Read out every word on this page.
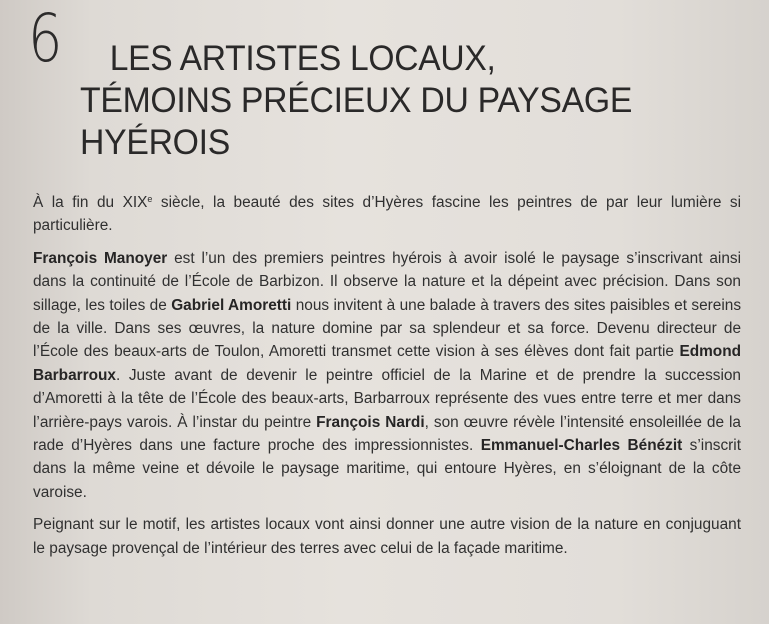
6	LES ARTISTES LOCAUX,
TÉMOINS PRÉCIEUX DU PAYSAGE HYÉROIS

À la fin du XIXe siècle, la beauté des sites d’Hyères fascine les peintres de par leur lumière si particulière.

François Manoyer est l’un des premiers peintres hyérois à avoir isolé le paysage s’inscrivant ainsi dans la continuité de l’École de Barbizon. Il observe la nature et la dépeint avec précision. Dans son sillage, les toiles de Gabriel Amoretti nous invitent à une balade à travers des sites paisibles et sereins de la ville. Dans ses œuvres, la nature domine par sa splendeur et sa force. Devenu directeur de l’École des beaux-arts de Toulon, Amoretti transmet cette vision à ses élèves dont fait partie Edmond Barbarroux. Juste avant de devenir le peintre officiel de la Marine et de prendre la succession d’Amoretti à la tête de l’École des beaux-arts, Barbarroux représente des vues entre terre et mer dans l’arrière-pays varois. À l’instar du peintre François Nardi, son œuvre révèle l’intensité ensoleillée de la rade d’Hyères dans une facture proche des impressionnistes. Emmanuel-Charles Bénézit s’inscrit dans la même veine et dévoile le paysage maritime, qui entoure Hyères, en s’éloignant de la côte varoise.

Peignant sur le motif, les artistes locaux vont ainsi donner une autre vision de la nature en conjuguant le paysage provençal de l’intérieur des terres avec celui de la façade maritime.
